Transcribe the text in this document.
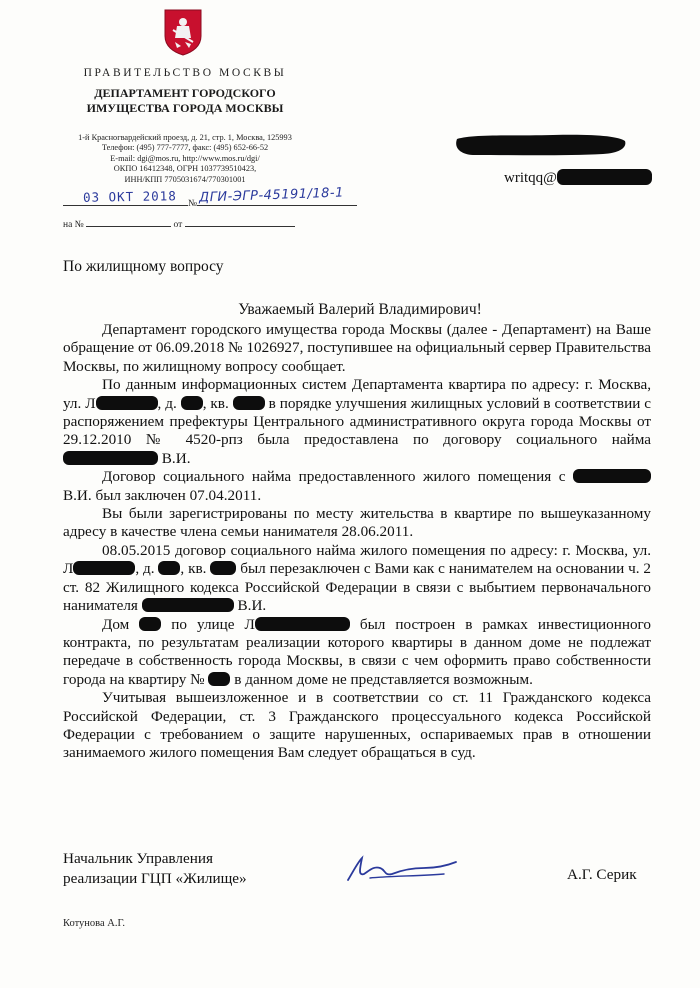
ПРАВИТЕЛЬСТВО МОСКВЫ
ДЕПАРТАМЕНТ ГОРОДСКОГО
ИМУЩЕСТВА ГОРОДА МОСКВЫ
1-й Красногвардейский проезд, д. 21, стр. 1, Москва, 125993
Телефон: (495) 777-7777, факс: (495) 652-66-52
E-mail: dgi@mos.ru, http://www.mos.ru/dgi/
ОКПО 16412348, ОГРН 1037739510423,
ИНН/КПП 7705031674/770301001
03 ОКТ 2018	№ ДГИ-ЭГР-45191/18-1
на №	от
writqq@
По жилищному вопросу
Уважаемый Валерий Владимирович!

Департамент городского имущества города Москвы (далее - Департамент) на Ваше обращение от 06.09.2018 № 1026927, поступившее на официальный сервер Правительства Москвы, по жилищному вопросу сообщает.

По данным информационных систем Департамента квартира по адресу: г. Москва, ул. Л	, д. , кв.  в порядке улучшения жилищных условий в соответствии с распоряжением префектуры Центрального административного округа города Москвы от 29.12.2010 № 4520-рпз была предоставлена по договору социального найма  В.И.

Договор социального найма предоставленного жилого помещения с  В.И. был заключен 07.04.2011.

Вы были зарегистрированы по месту жительства в квартире по вышеуказанному адресу в качестве члена семьи нанимателя 28.06.2011.

08.05.2015 договор социального найма жилого помещения по адресу: г. Москва, ул. Л	, д. , кв.  был перезаключен с Вами как с нанимателем на основании ч. 2 ст. 82 Жилищного кодекса Российской Федерации в связи с выбытием первоначального нанимателя	В.И.

Дом  по улице Л	был построен в рамках инвестиционного контракта, по результатам реализации которого квартиры в данном доме не подлежат передаче в собственность города Москвы, в связи с чем оформить право собственности города на квартиру №  в данном доме не представляется возможным.

Учитывая вышеизложенное и в соответствии со ст. 11 Гражданского кодекса Российской Федерации, ст. 3 Гражданского процессуального кодекса Российской Федерации с требованием о защите нарушенных, оспариваемых прав в отношении занимаемого жилого помещения Вам следует обращаться в суд.

Начальник Управления
реализации ГЦП «Жилище»	А.Г. Серик
Котунова А.Г.
